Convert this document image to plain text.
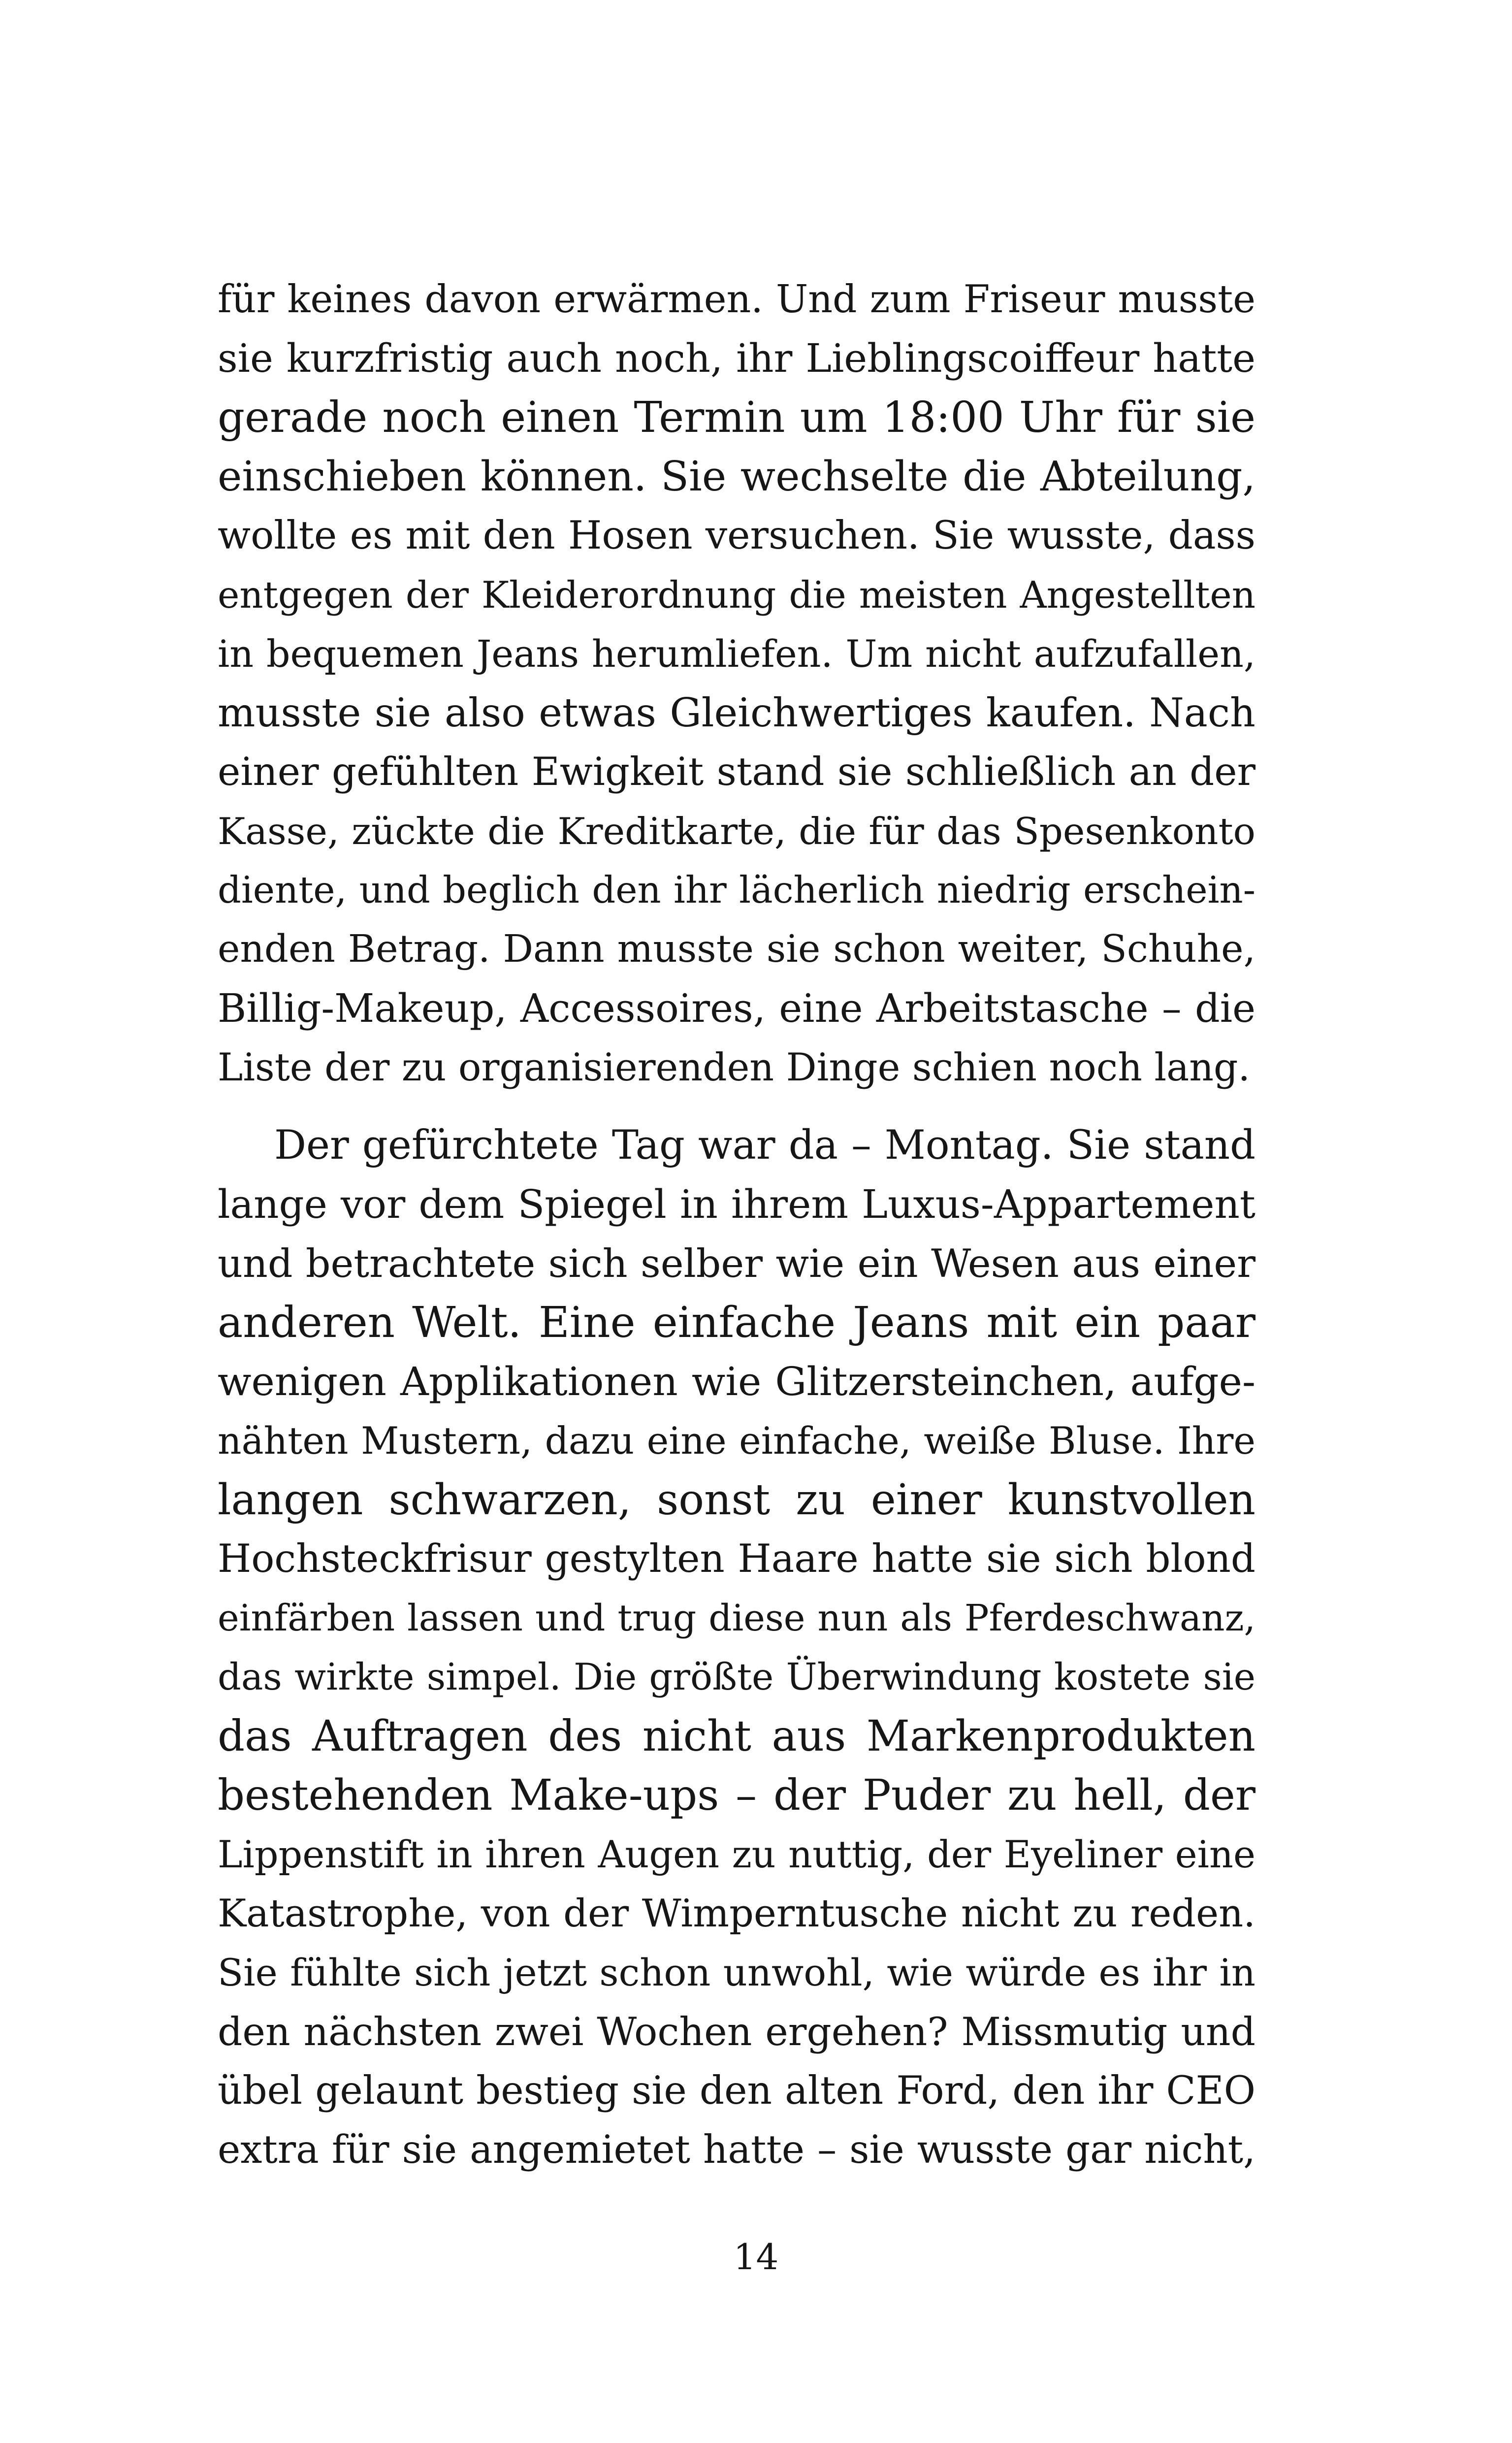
für keines davon erwärmen. Und zum Friseur musste
sie kurzfristig auch noch, ihr Lieblingscoiffeur hatte
gerade noch einen Termin um 18:00 Uhr für sie
einschieben können. Sie wechselte die Abteilung,
wollte es mit den Hosen versuchen. Sie wusste, dass
entgegen der Kleiderordnung die meisten Angestellten
in bequemen Jeans herumliefen. Um nicht aufzufallen,
musste sie also etwas Gleichwertiges kaufen. Nach
einer gefühlten Ewigkeit stand sie schließlich an der
Kasse, zückte die Kreditkarte, die für das Spesenkonto
diente, und beglich den ihr lächerlich niedrig erschein-
enden Betrag. Dann musste sie schon weiter, Schuhe,
Billig-Makeup, Accessoires, eine Arbeitstasche – die
Liste der zu organisierenden Dinge schien noch lang.
Der gefürchtete Tag war da – Montag. Sie stand
lange vor dem Spiegel in ihrem Luxus-Appartement
und betrachtete sich selber wie ein Wesen aus einer
anderen Welt. Eine einfache Jeans mit ein paar
wenigen Applikationen wie Glitzersteinchen, aufge-
nähten Mustern, dazu eine einfache, weiße Bluse. Ihre
langen schwarzen, sonst zu einer kunstvollen
Hochsteckfrisur gestylten Haare hatte sie sich blond
einfärben lassen und trug diese nun als Pferdeschwanz,
das wirkte simpel. Die größte Überwindung kostete sie
das Auftragen des nicht aus Markenprodukten
bestehenden Make-ups – der Puder zu hell, der
Lippenstift in ihren Augen zu nuttig, der Eyeliner eine
Katastrophe, von der Wimperntusche nicht zu reden.
Sie fühlte sich jetzt schon unwohl, wie würde es ihr in
den nächsten zwei Wochen ergehen? Missmutig und
übel gelaunt bestieg sie den alten Ford, den ihr CEO
extra für sie angemietet hatte – sie wusste gar nicht,
14
